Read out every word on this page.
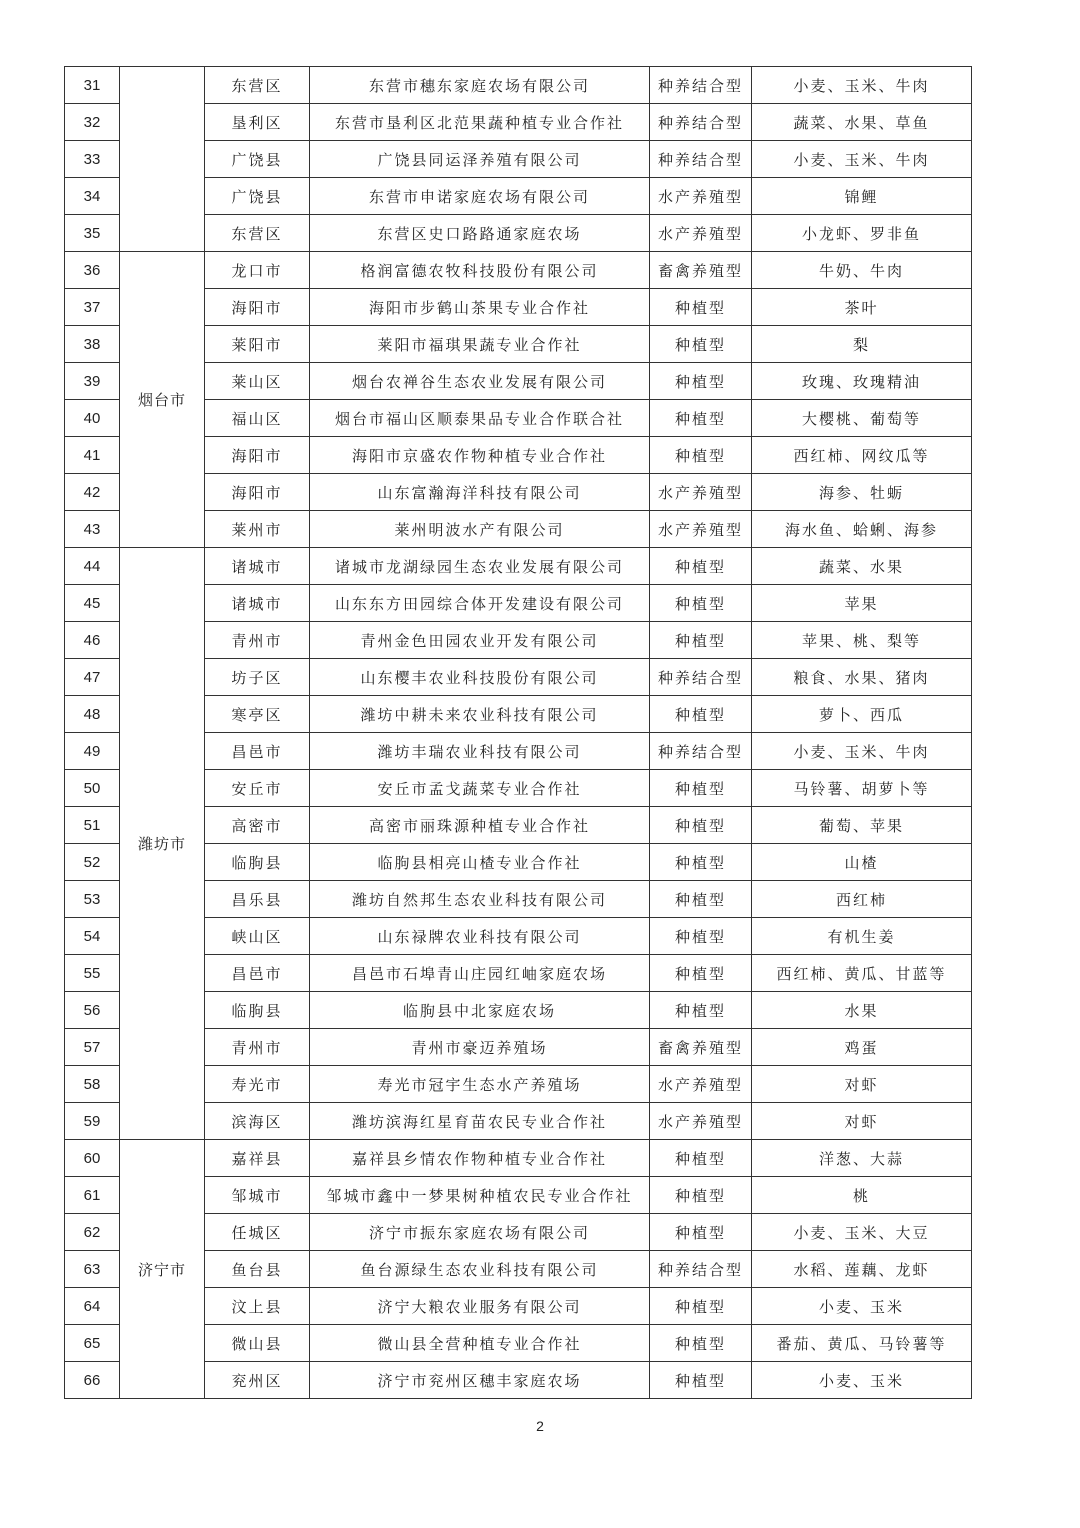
31		东营区	东营市穗东家庭农场有限公司	种养结合型	小麦、玉米、牛肉
32		垦利区	东营市垦利区北范果蔬种植专业合作社	种养结合型	蔬菜、水果、草鱼
33		广饶县	广饶县同运泽养殖有限公司	种养结合型	小麦、玉米、牛肉
34		广饶县	东营市申诺家庭农场有限公司	水产养殖型	锦鲤
35		东营区	东营区史口路路通家庭农场	水产养殖型	小龙虾、罗非鱼
36	烟台市	龙口市	格润富德农牧科技股份有限公司	畜禽养殖型	牛奶、牛肉
37		海阳市	海阳市步鹤山茶果专业合作社	种植型	茶叶
38		莱阳市	莱阳市福琪果蔬专业合作社	种植型	梨
39		莱山区	烟台农禅谷生态农业发展有限公司	种植型	玫瑰、玫瑰精油
40		福山区	烟台市福山区顺泰果品专业合作联合社	种植型	大樱桃、葡萄等
41		海阳市	海阳市京盛农作物种植专业合作社	种植型	西红柿、网纹瓜等
42		海阳市	山东富瀚海洋科技有限公司	水产养殖型	海参、牡蛎
43		莱州市	莱州明波水产有限公司	水产养殖型	海水鱼、蛤蜊、海参
44	潍坊市	诸城市	诸城市龙湖绿园生态农业发展有限公司	种植型	蔬菜、水果
45		诸城市	山东东方田园综合体开发建设有限公司	种植型	苹果
46		青州市	青州金色田园农业开发有限公司	种植型	苹果、桃、梨等
47		坊子区	山东樱丰农业科技股份有限公司	种养结合型	粮食、水果、猪肉
48		寒亭区	潍坊中耕未来农业科技有限公司	种植型	萝卜、西瓜
49		昌邑市	潍坊丰瑞农业科技有限公司	种养结合型	小麦、玉米、牛肉
50		安丘市	安丘市孟戈蔬菜专业合作社	种植型	马铃薯、胡萝卜等
51		高密市	高密市丽珠源种植专业合作社	种植型	葡萄、苹果
52		临朐县	临朐县相亮山楂专业合作社	种植型	山楂
53		昌乐县	潍坊自然邦生态农业科技有限公司	种植型	西红柿
54		峡山区	山东禄牌农业科技有限公司	种植型	有机生姜
55		昌邑市	昌邑市石埠青山庄园红岫家庭农场	种植型	西红柿、黄瓜、甘蓝等
56		临朐县	临朐县中北家庭农场	种植型	水果
57		青州市	青州市豪迈养殖场	畜禽养殖型	鸡蛋
58		寿光市	寿光市冠宇生态水产养殖场	水产养殖型	对虾
59		滨海区	潍坊滨海红星育苗农民专业合作社	水产养殖型	对虾
60	济宁市	嘉祥县	嘉祥县乡情农作物种植专业合作社	种植型	洋葱、大蒜
61		邹城市	邹城市鑫中一梦果树种植农民专业合作社	种植型	桃
62		任城区	济宁市振东家庭农场有限公司	种植型	小麦、玉米、大豆
63		鱼台县	鱼台源绿生态农业科技有限公司	种养结合型	水稻、莲藕、龙虾
64		汶上县	济宁大粮农业服务有限公司	种植型	小麦、玉米
65		微山县	微山县全营种植专业合作社	种植型	番茄、黄瓜、马铃薯等
66		兖州区	济宁市兖州区穗丰家庭农场	种植型	小麦、玉米
2
